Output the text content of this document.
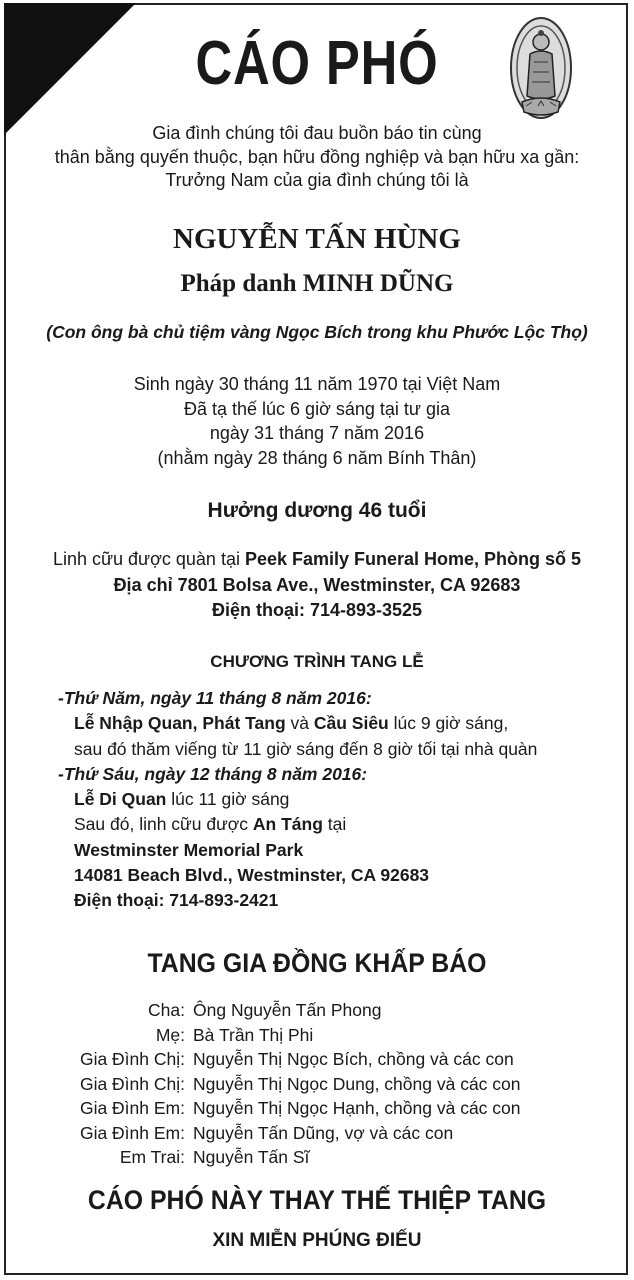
CÁO PHÓ
Gia đình chúng tôi đau buồn báo tin cùng
thân bằng quyến thuộc, bạn hữu đồng nghiệp và bạn hữu xa gần:
Trưởng Nam của gia đình chúng tôi là
NGUYỄN TẤN HÙNG
Pháp danh MINH DŨNG
(Con ông bà chủ tiệm vàng Ngọc Bích trong khu Phước Lộc Thọ)
Sinh ngày 30 tháng 11 năm 1970 tại Việt Nam
Đã tạ thế lúc 6 giờ sáng tại tư gia
ngày 31 tháng 7 năm 2016
(nhằm ngày 28 tháng 6 năm Bính Thân)
Hưởng dương 46 tuổi
Linh cữu được quàn tại Peek Family Funeral Home, Phòng số 5
Địa chỉ 7801 Bolsa Ave., Westminster, CA 92683
Điện thoại: 714-893-3525
CHƯƠNG TRÌNH TANG LỄ
-Thứ Năm, ngày 11 tháng 8 năm 2016:
Lễ Nhập Quan, Phát Tang và Cầu Siêu lúc 9 giờ sáng,
sau đó thăm viếng từ 11 giờ sáng đến 8 giờ tối tại nhà quàn
-Thứ Sáu, ngày 12 tháng 8 năm 2016:
Lễ Di Quan lúc 11 giờ sáng
Sau đó, linh cữu được An Táng tại
Westminster Memorial Park
14081 Beach Blvd., Westminster, CA 92683
Điện thoại: 714-893-2421
TANG GIA ĐỒNG KHẤP BÁO
Cha: Ông Nguyễn Tấn Phong
Mẹ: Bà Trần Thị Phi
Gia Đình Chị: Nguyễn Thị Ngọc Bích, chồng và các con
Gia Đình Chị: Nguyễn Thị Ngọc Dung, chồng và các con
Gia Đình Em: Nguyễn Thị Ngọc Hạnh, chồng và các con
Gia Đình Em: Nguyễn Tấn Dũng, vợ và các con
Em Trai: Nguyễn Tấn Sĩ
CÁO PHÓ NÀY THAY THẾ THIỆP TANG
XIN MIỄN PHÚNG ĐIẾU
